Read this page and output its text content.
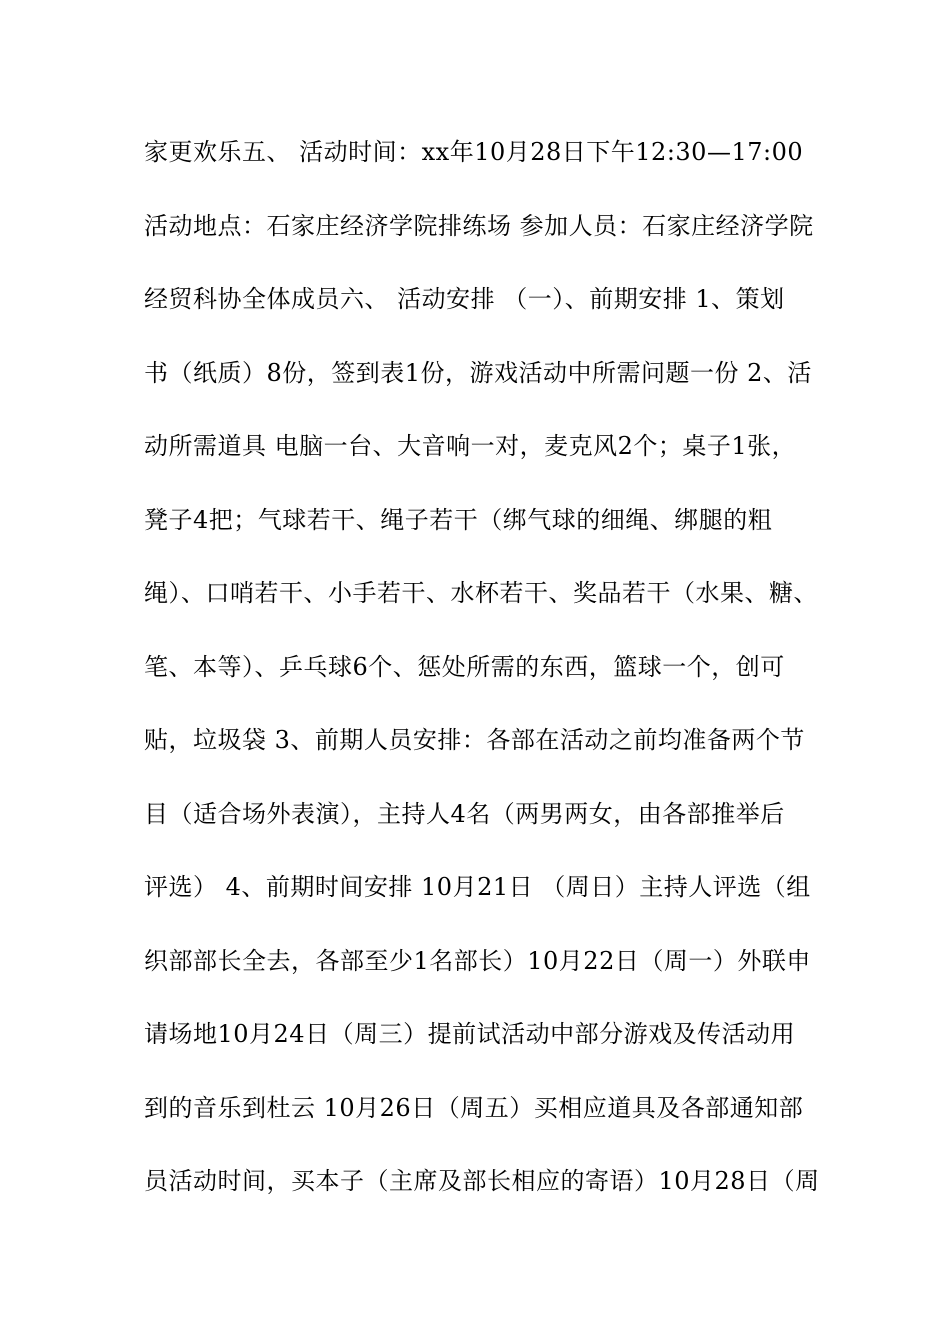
家更欢乐五、 活动时间：xx年10月28日下午12:30—17:00
活动地点：石家庄经济学院排练场 参加人员：石家庄经济学院
经贸科协全体成员六、 活动安排 （一）、前期安排 1、策划
书（纸质）8份，签到表1份，游戏活动中所需问题一份 2、活
动所需道具 电脑一台、大音响一对，麦克风2个；桌子1张，
凳子4把；气球若干、绳子若干（绑气球的细绳、绑腿的粗
绳）、口哨若干、小手若干、水杯若干、奖品若干（水果、糖、
笔、本等）、乒乓球6个、惩处所需的东西，篮球一个，创可
贴，垃圾袋 3、前期人员安排：各部在活动之前均准备两个节
目（适合场外表演），主持人4名（两男两女，由各部推举后
评选） 4、前期时间安排 10月21日 （周日）主持人评选（组
织部部长全去，各部至少1名部长）10月22日（周一）外联申
请场地10月24日（周三）提前试活动中部分游戏及传活动用
到的音乐到杜云 10月26日（周五）买相应道具及各部通知部
员活动时间，买本子（主席及部长相应的寄语）10月28日（周
